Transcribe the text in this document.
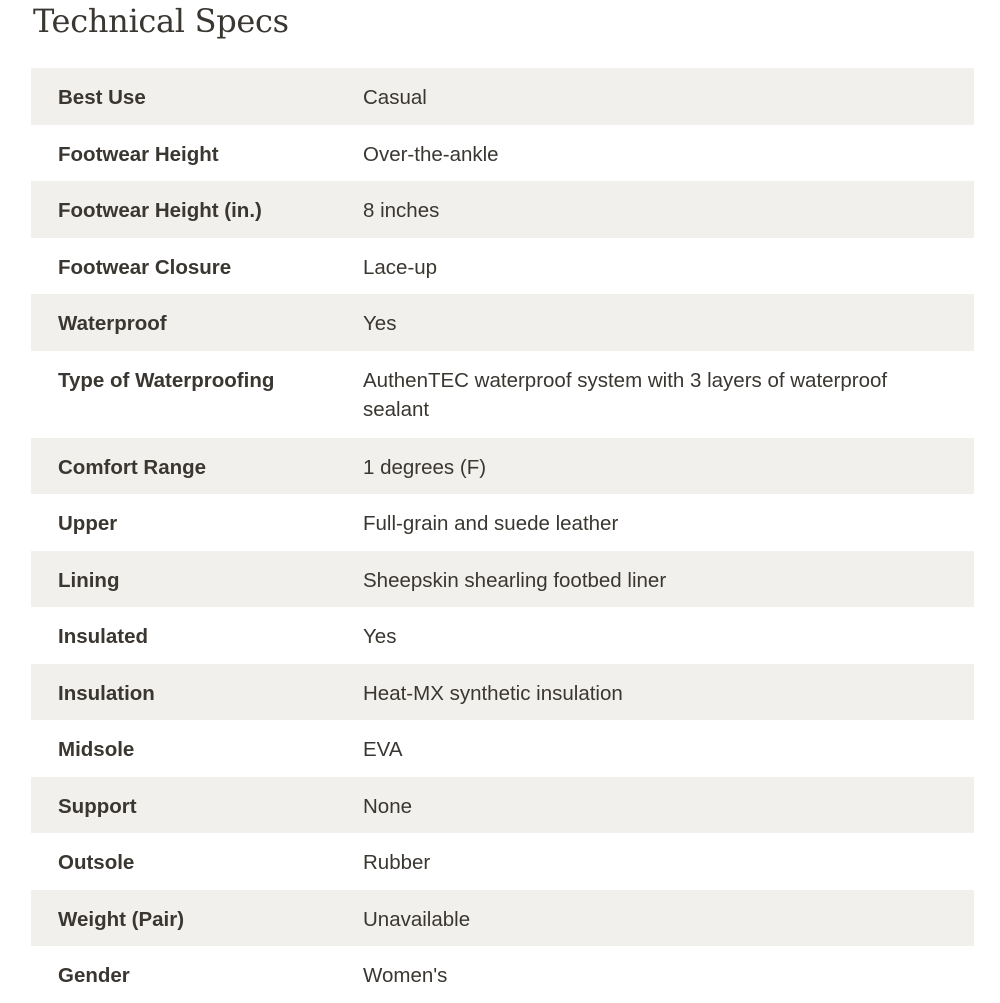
Technical Specs
Best Use	Casual
Footwear Height	Over-the-ankle
Footwear Height (in.)	8 inches
Footwear Closure	Lace-up
Waterproof	Yes
Type of Waterproofing	AuthenTEC waterproof system with 3 layers of waterproof sealant
Comfort Range	1 degrees (F)
Upper	Full-grain and suede leather
Lining	Sheepskin shearling footbed liner
Insulated	Yes
Insulation	Heat-MX synthetic insulation
Midsole	EVA
Support	None
Outsole	Rubber
Weight (Pair)	Unavailable
Gender	Women's
